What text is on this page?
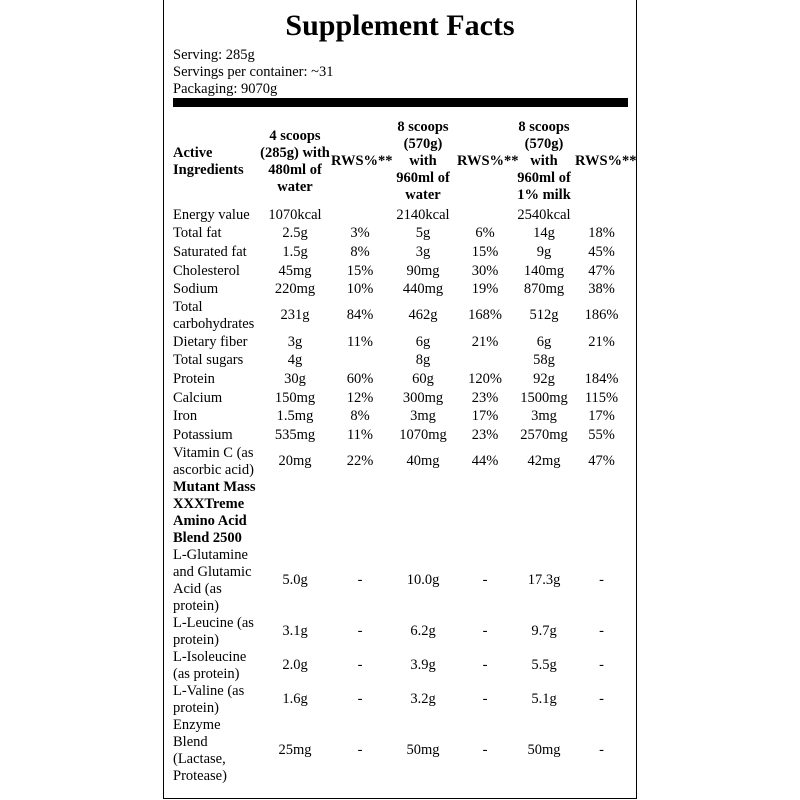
Supplement Facts
Serving: 285g
Servings per container: ~31
Packaging: 9070g
Active Ingredients	4 scoops (285g) with 480ml of water	RWS%**	8 scoops (570g) with 960ml of water	RWS%**	8 scoops (570g) with 960ml of 1% milk	RWS%**
Energy value	1070kcal		2140kcal		2540kcal	
Total fat	2.5g	3%	5g	6%	14g	18%
Saturated fat	1.5g	8%	3g	15%	9g	45%
Cholesterol	45mg	15%	90mg	30%	140mg	47%
Sodium	220mg	10%	440mg	19%	870mg	38%
Total carbohydrates	231g	84%	462g	168%	512g	186%
Dietary fiber	3g	11%	6g	21%	6g	21%
Total sugars	4g		8g		58g	
Protein	30g	60%	60g	120%	92g	184%
Calcium	150mg	12%	300mg	23%	1500mg	115%
Iron	1.5mg	8%	3mg	17%	3mg	17%
Potassium	535mg	11%	1070mg	23%	2570mg	55%
Vitamin C (as ascorbic acid)	20mg	22%	40mg	44%	42mg	47%
Mutant Mass XXXTreme Amino Acid Blend 2500						
L-Glutamine and Glutamic Acid (as protein)	5.0g	-	10.0g	-	17.3g	-
L-Leucine (as protein)	3.1g	-	6.2g	-	9.7g	-
L-Isoleucine (as protein)	2.0g	-	3.9g	-	5.5g	-
L-Valine (as protein)	1.6g	-	3.2g	-	5.1g	-
Enzyme Blend (Lactase, Protease)	25mg	-	50mg	-	50mg	-
